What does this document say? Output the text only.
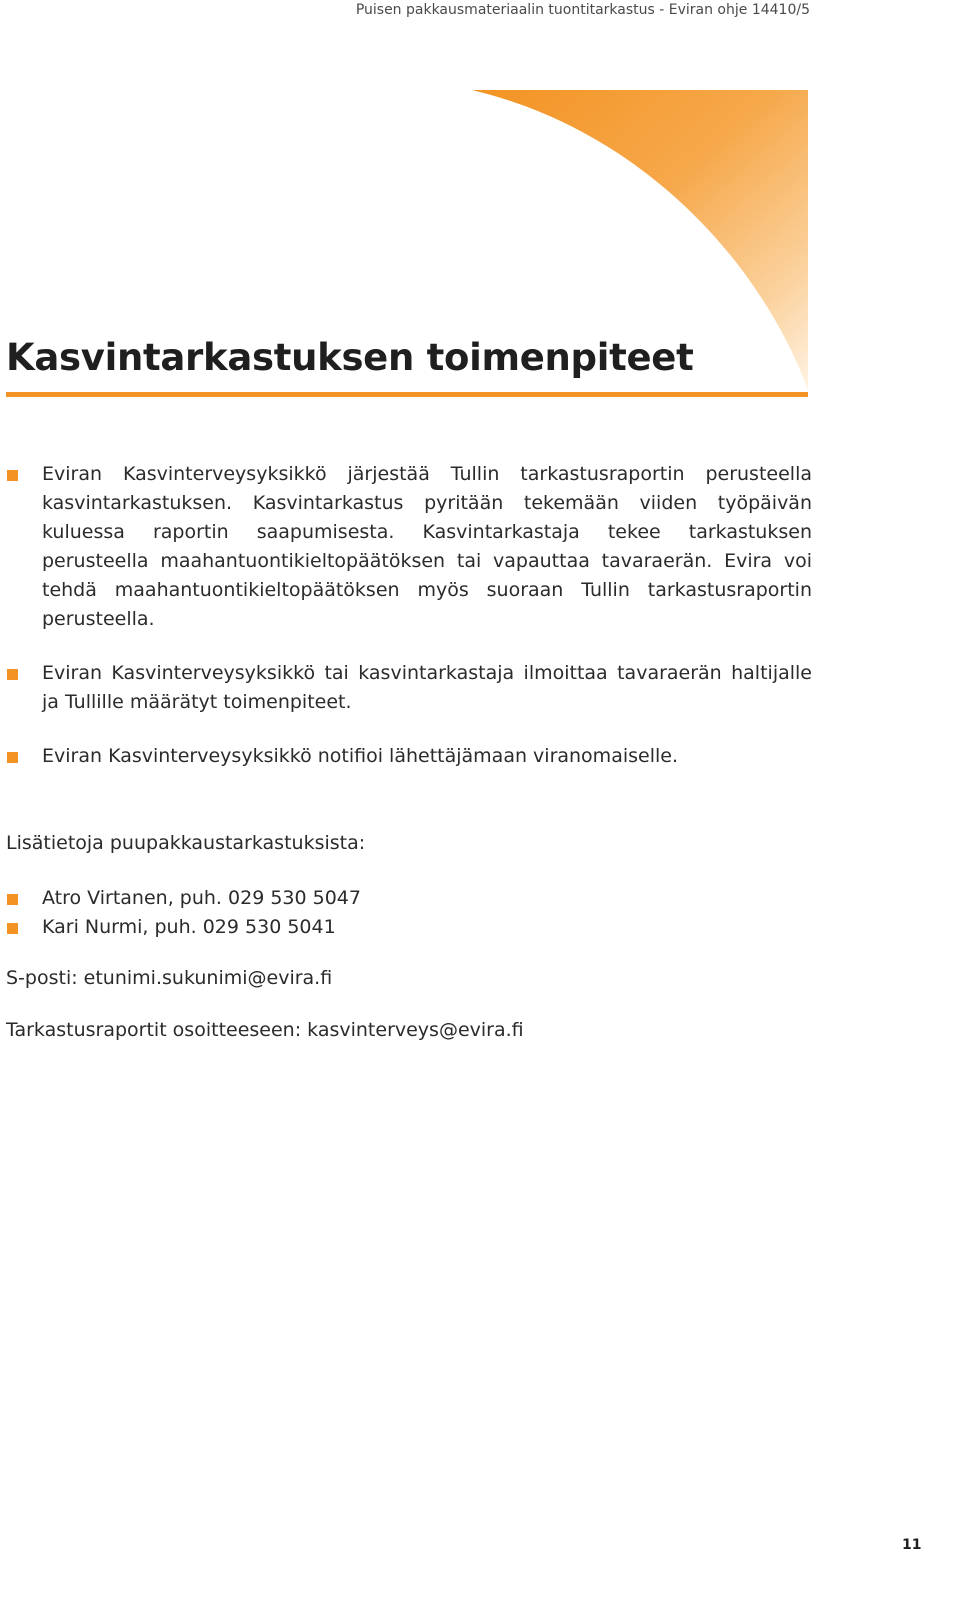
Puisen pakkausmateriaalin tuontitarkastus - Eviran ohje 14410/5
Kasvintarkastuksen toimenpiteet
Eviran Kasvinterveysyksikkö järjestää Tullin tarkastusraportin perusteella kasvintarkastuksen. Kasvintarkastus pyritään tekemään viiden työpäivän kuluessa raportin saapumisesta. Kasvintarkastaja tekee tarkastuksen perusteella maahantuontikieltopäätöksen tai vapauttaa tavaraerän. Evira voi tehdä maahantuontikieltopäätöksen myös suoraan Tullin tarkastusraportin perusteella.
Eviran Kasvinterveysyksikkö tai kasvintarkastaja ilmoittaa tavaraerän haltijalle ja Tullille määrätyt toimenpiteet.
Eviran Kasvinterveysyksikkö notifioi lähettäjämaan viranomaiselle.

Lisätietoja puupakkaustarkastuksista:

Atro Virtanen, puh. 029 530 5047
Kari Nurmi, puh. 029 530 5041

S-posti: etunimi.sukunimi@evira.fi

Tarkastusraportit osoitteeseen: kasvinterveys@evira.fi

11
